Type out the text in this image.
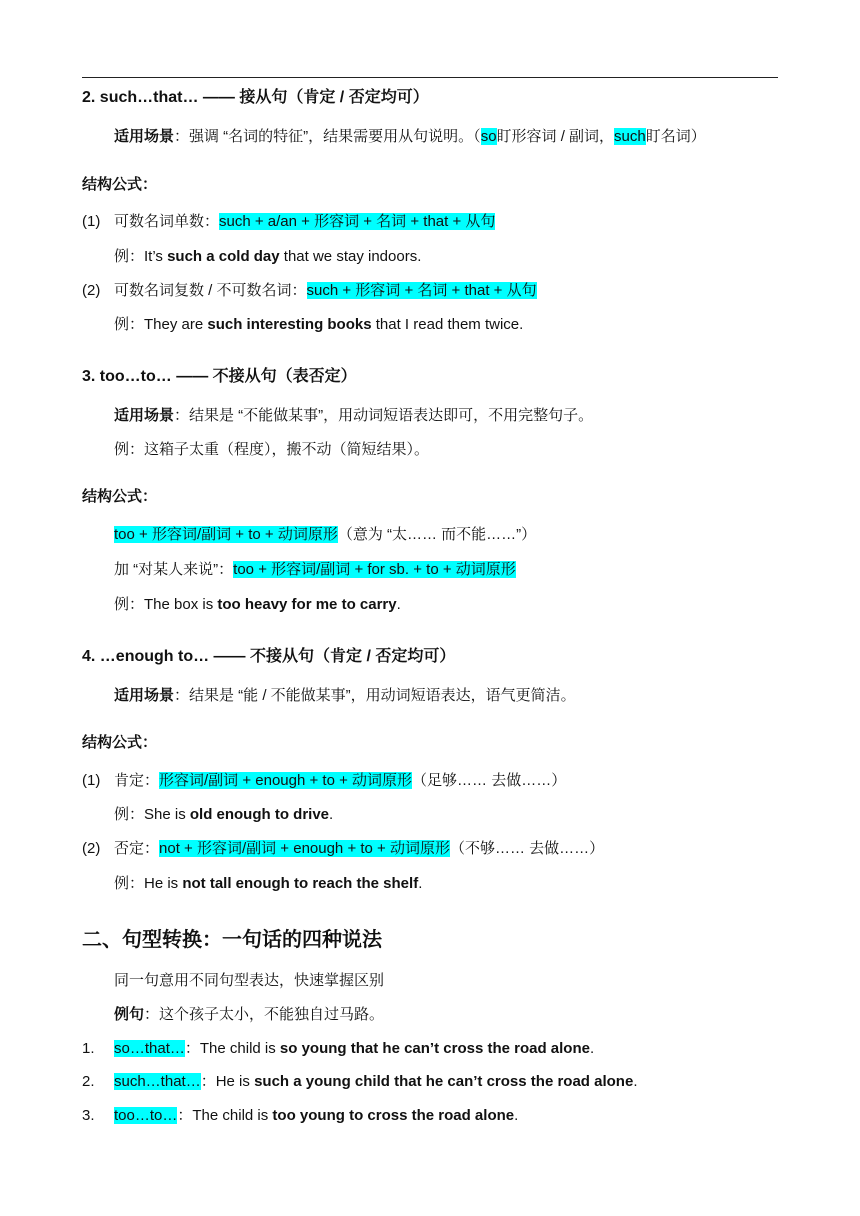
2. such…that… —— 接从句（肯定 / 否定均可）
适用场景：强调 “名词的特征”，结果需要用从句说明。（so盯形容词 / 副词，such盯名词）
结构公式：
(1) 可数名词单数：such + a/an + 形容词 + 名词 + that + 从句
例：It’s such a cold day that we stay indoors.
(2) 可数名词复数 / 不可数名词：such + 形容词 + 名词 + that + 从句
例：They are such interesting books that I read them twice.
3. too…to… —— 不接从句（表否定）
适用场景：结果是 “不能做某事”，用动词短语表达即可，不用完整句子。
例：这箱子太重（程度），搬不动（简短结果）。
结构公式：
too + 形容词/副词 + to + 动词原形（意为 “太…… 而不能……”）
加 “对某人来说”：too + 形容词/副词 + for sb. + to + 动词原形
例：The box is too heavy for me to carry.
4. …enough to… —— 不接从句（肯定 / 否定均可）
适用场景：结果是 “能 / 不能做某事”，用动词短语表达，语气更简洁。
结构公式：
(1) 肯定：形容词/副词 + enough + to + 动词原形（足够…… 去做……）
例：She is old enough to drive.
(2) 否定：not + 形容词/副词 + enough + to + 动词原形（不够…… 去做……）
例：He is not tall enough to reach the shelf.
二、句型转换：一句话的四种说法
同一句意用不同句型表达，快速掌握区别
例句：这个孩子太小，不能独自过马路。
1. so…that…：The child is so young that he can’t cross the road alone.
2. such…that…：He is such a young child that he can’t cross the road alone.
3. too…to…：The child is too young to cross the road alone.
